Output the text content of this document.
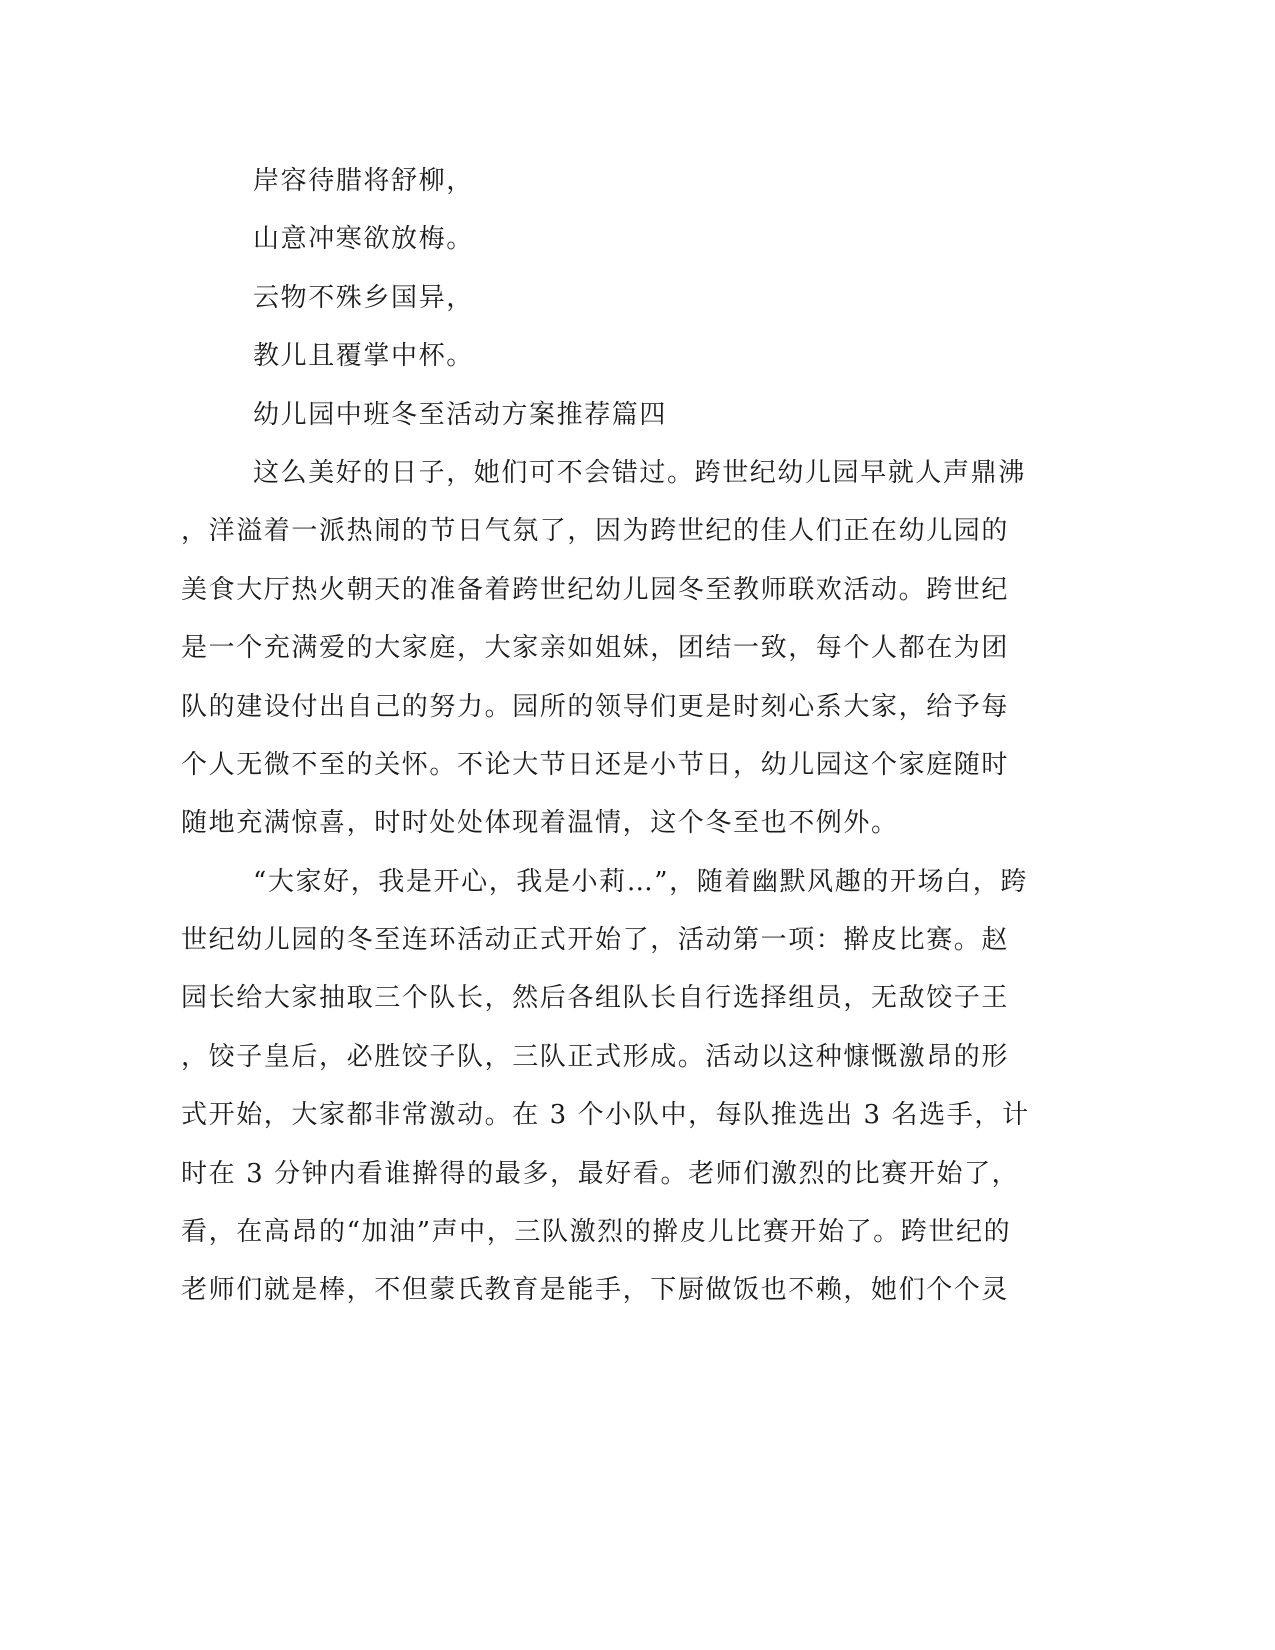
岸容待腊将舒柳，
山意冲寒欲放梅。
云物不殊乡国异，
教儿且覆掌中杯。
幼儿园中班冬至活动方案推荐篇四
这么美好的日子，她们可不会错过。跨世纪幼儿园早就人声鼎沸
，洋溢着一派热闹的节日气氛了，因为跨世纪的佳人们正在幼儿园的
美食大厅热火朝天的准备着跨世纪幼儿园冬至教师联欢活动。跨世纪
是一个充满爱的大家庭，大家亲如姐妹，团结一致，每个人都在为团
队的建设付出自己的努力。园所的领导们更是时刻心系大家，给予每
个人无微不至的关怀。不论大节日还是小节日，幼儿园这个家庭随时
随地充满惊喜，时时处处体现着温情，这个冬至也不例外。
“大家好，我是开心，我是小莉…”，随着幽默风趣的开场白，跨
世纪幼儿园的冬至连环活动正式开始了，活动第一项：擀皮比赛。赵
园长给大家抽取三个队长，然后各组队长自行选择组员，无敌饺子王
，饺子皇后，必胜饺子队，三队正式形成。活动以这种慷慨激昂的形
式开始，大家都非常激动。在 3 个小队中，每队推选出 3 名选手，计
时在 3 分钟内看谁擀得的最多，最好看。老师们激烈的比赛开始了，
看，在高昂的“加油”声中，三队激烈的擀皮儿比赛开始了。跨世纪的
老师们就是棒，不但蒙氏教育是能手，下厨做饭也不赖，她们个个灵
